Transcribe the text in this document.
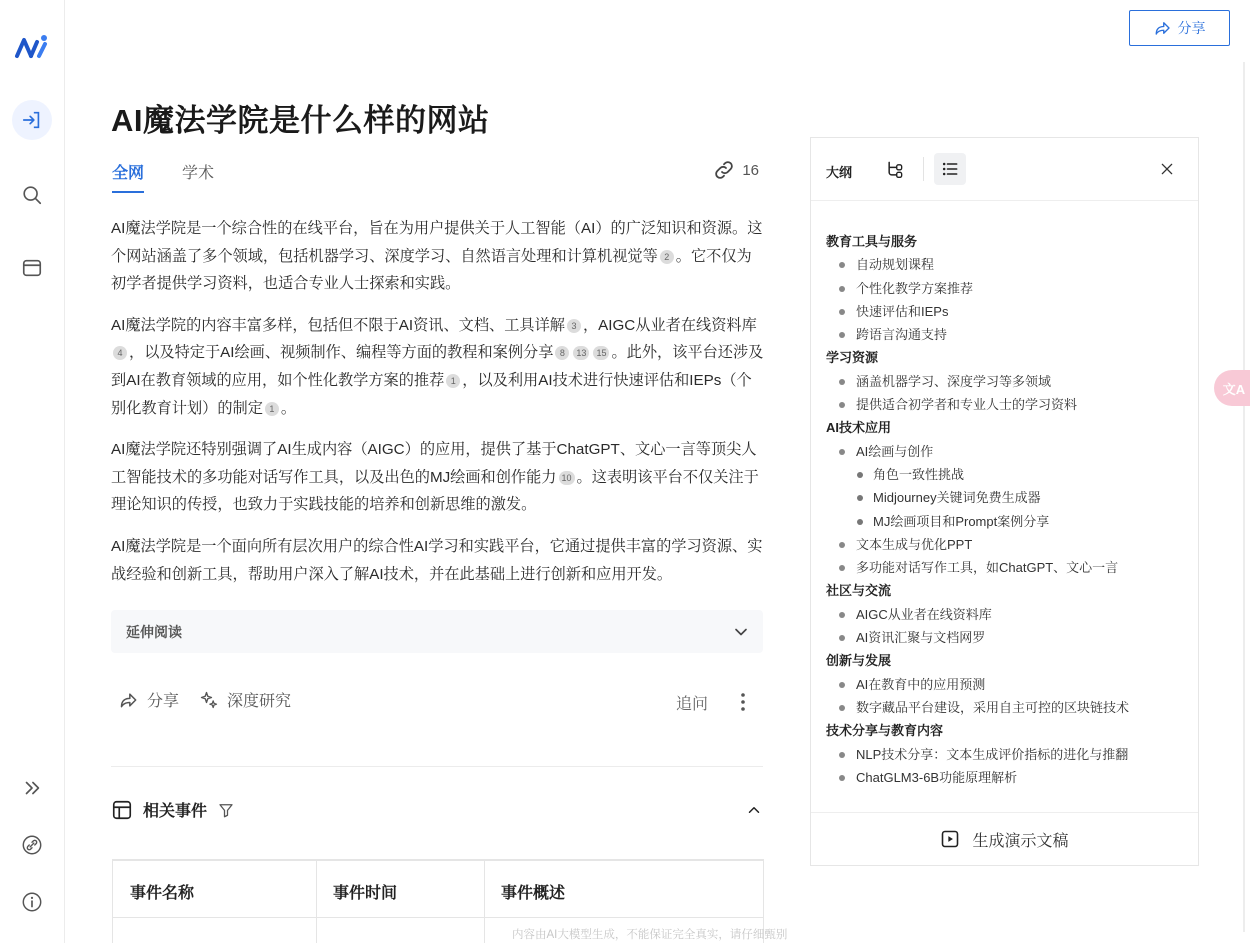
分享
文A
AI魔法学院是什么样的网站
全网 学术	16

AI魔法学院是一个综合性的在线平台，旨在为用户提供关于人工智能（AI）的广泛知识和资源。这个网站涵盖了多个领域，包括机器学习、深度学习、自然语言处理和计算机视觉等 2 。它不仅为初学者提供学习资料，也适合专业人士探索和实践。

AI魔法学院的内容丰富多样，包括但不限于AI资讯、文档、工具详解 3 ，AIGC从业者在线资料库4 ，以及特定于AI绘画、视频制作、编程等方面的教程和案例分享 8 13 15 。此外，该平台还涉及到AI在教育领域的应用，如个性化教学方案的推荐 1 ，以及利用AI技术进行快速评估和IEPs（个别化教育计划）的制定 1 。

AI魔法学院还特别强调了AI生成内容（AIGC）的应用，提供了基于ChatGPT、文心一言等顶尖人工智能技术的多功能对话写作工具，以及出色的MJ绘画和创作能力 10 。这表明该平台不仅关注于理论知识的传授，也致力于实践技能的培养和创新思维的激发。

AI魔法学院是一个面向所有层次用户的综合性AI学习和实践平台，它通过提供丰富的学习资源、实战经验和创新工具，帮助用户深入了解AI技术，并在此基础上进行创新和应用开发。

延伸阅读
分享	深度研究	追问
相关事件
事件名称	事件时间	事件概述
内容由AI大模型生成，不能保证完全真实，请仔细甄别
大纲
教育工具与服务
自动规划课程
个性化教学方案推荐
快速评估和IEPs
跨语言沟通支持
学习资源
涵盖机器学习、深度学习等多领域
提供适合初学者和专业人士的学习资料
AI技术应用
AI绘画与创作
角色一致性挑战
Midjourney关键词免费生成器
MJ绘画项目和Prompt案例分享
文本生成与优化PPT
多功能对话写作工具，如ChatGPT、文心一言
社区与交流
AIGC从业者在线资料库
AI资讯汇聚与文档网罗
创新与发展
AI在教育中的应用预测
数字藏品平台建设，采用自主可控的区块链技术
技术分享与教育内容
NLP技术分享：文本生成评价指标的进化与推翻
ChatGLM3-6B功能原理解析
生成演示文稿
